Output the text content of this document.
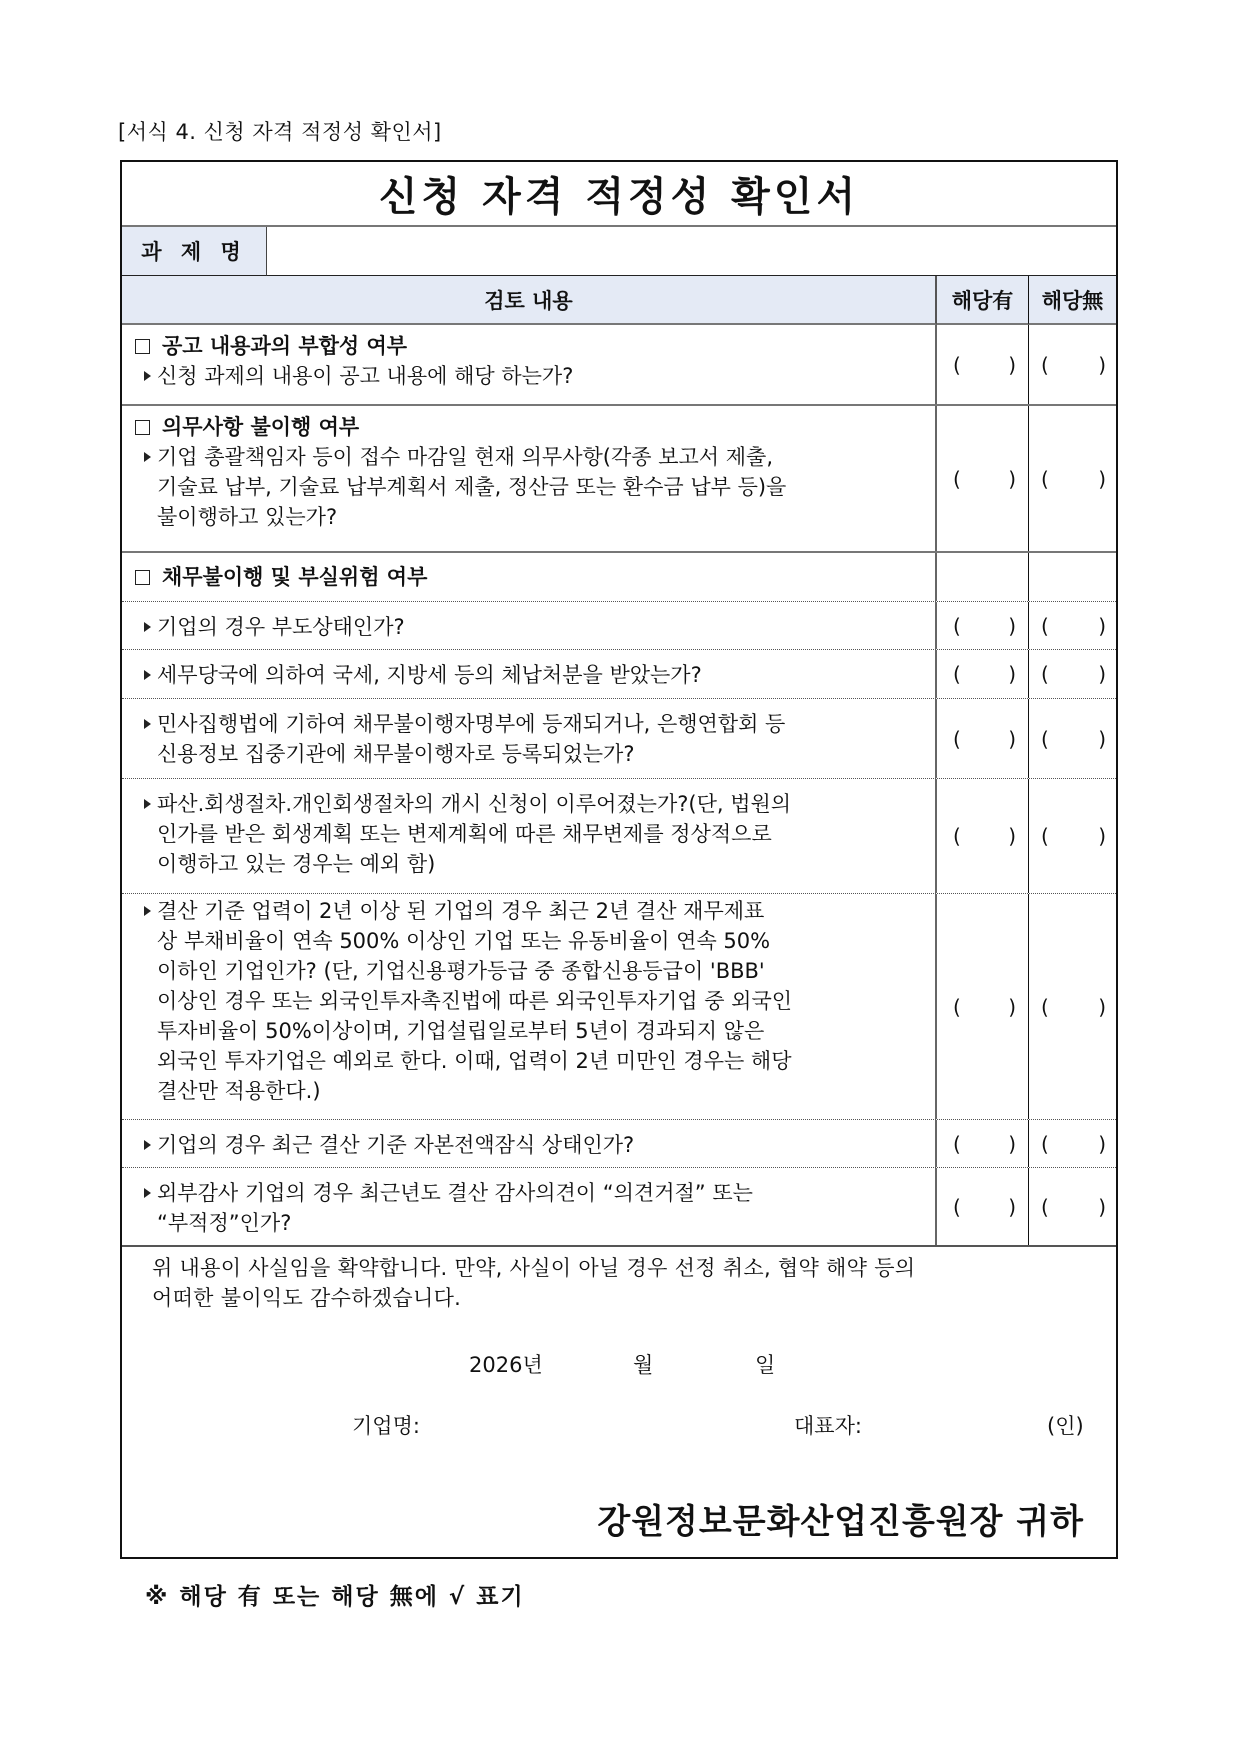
[서식 4. 신청 자격 적정성 확인서]
신청 자격 적정성 확인서
과 제 명
검토 내용	해당有	해당無
공고 내용과의 부합성 여부
신청 과제의 내용이 공고 내용에 해당 하는가?	( ) ( )
의무사항 불이행 여부
기업 총괄책임자 등이 접수 마감일 현재 의무사항(각종 보고서 제출,
기술료 납부, 기술료 납부계획서 제출, 정산금 또는 환수금 납부 등)을
불이행하고 있는가?
( ) ( )
채무불이행 및 부실위험 여부
기업의 경우 부도상태인가?	( ) ( )
세무당국에 의하여 국세, 지방세 등의 체납처분을 받았는가?	( ) ( )
민사집행법에 기하여 채무불이행자명부에 등재되거나, 은행연합회 등
신용정보 집중기관에 채무불이행자로 등록되었는가?
( ) ( )
파산.회생절차.개인회생절차의 개시 신청이 이루어졌는가?(단, 법원의
인가를 받은 회생계획 또는 변제계획에 따른 채무변제를 정상적으로
이행하고 있는 경우는 예외 함)
( ) ( )
결산 기준 업력이 2년 이상 된 기업의 경우 최근 2년 결산 재무제표
상 부채비율이 연속 500% 이상인 기업 또는 유동비율이 연속 50%
이하인 기업인가? (단, 기업신용평가등급 중 종합신용등급이 'BBB'
이상인 경우 또는 외국인투자촉진법에 따른 외국인투자기업 중 외국인
투자비율이 50%이상이며, 기업설립일로부터 5년이 경과되지 않은
외국인 투자기업은 예외로 한다. 이때, 업력이 2년 미만인 경우는 해당
결산만 적용한다.)
( ) ( )
기업의 경우 최근 결산 기준 자본전액잠식 상태인가?	( ) ( )
외부감사 기업의 경우 최근년도 결산 감사의견이 “의견거절” 또는
“부적정”인가?
( ) ( )
위 내용이 사실임을 확약합니다. 만약, 사실이 아닐 경우 선정 취소, 협약 해약 등의
어떠한 불이익도 감수하겠습니다.
2026년	월	일
기업명:	대표자:	(인)
강원정보문화산업진흥원장 귀하
※ 해당 有 또는 해당 無에 √ 표기
